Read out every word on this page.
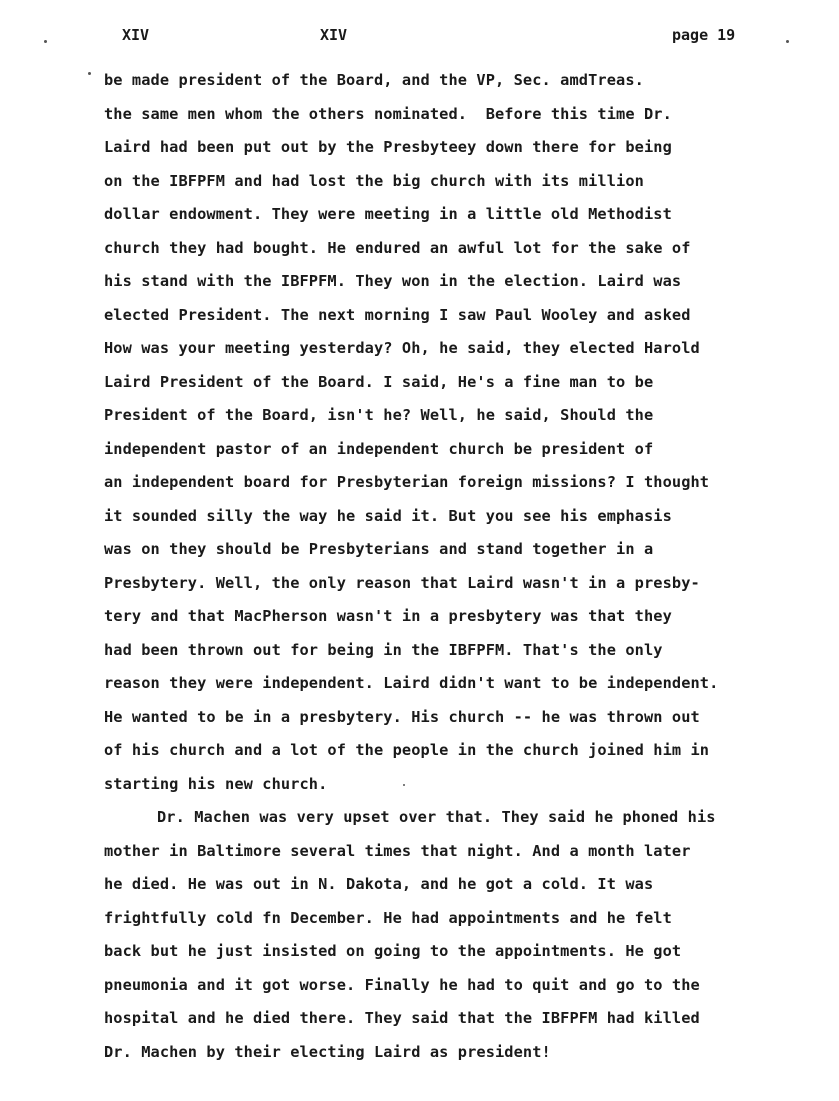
XIV	XIV	page 19
be made president of the Board, and the VP, Sec. amdTreas.
the same men whom the others nominated.  Before this time Dr.
Laird had been put out by the Presbyteey down there for being
on the IBFPFM and had lost the big church with its million
dollar endowment. They were meeting in a little old Methodist
church they had bought. He endured an awful lot for the sake of
his stand with the IBFPFM. They won in the election. Laird was
elected President. The next morning I saw Paul Wooley and asked
How was your meeting yesterday? Oh, he said, they elected Harold
Laird President of the Board. I said, He's a fine man to be
President of the Board, isn't he? Well, he said, Should the
independent pastor of an independent church be president of
an independent board for Presbyterian foreign missions? I thought
it sounded silly the way he said it. But you see his emphasis
was on they should be Presbyterians and stand together in a
Presbytery. Well, the only reason that Laird wasn't in a presby-
tery and that MacPherson wasn't in a presbytery was that they
had been thrown out for being in the IBFPFM. That's the only
reason they were independent. Laird didn't want to be independent.
He wanted to be in a presbytery. His church -- he was thrown out
of his church and a lot of the people in the church joined him in
starting his new church.
Dr. Machen was very upset over that. They said he phoned his
mother in Baltimore several times that night. And a month later
he died. He was out in N. Dakota, and he got a cold. It was
frightfully cold fn December. He had appointments and he felt
back but he just insisted on going to the appointments. He got
pneumonia and it got worse. Finally he had to quit and go to the
hospital and he died there. They said that the IBFPFM had killed
Dr. Machen by their electing Laird as president!
